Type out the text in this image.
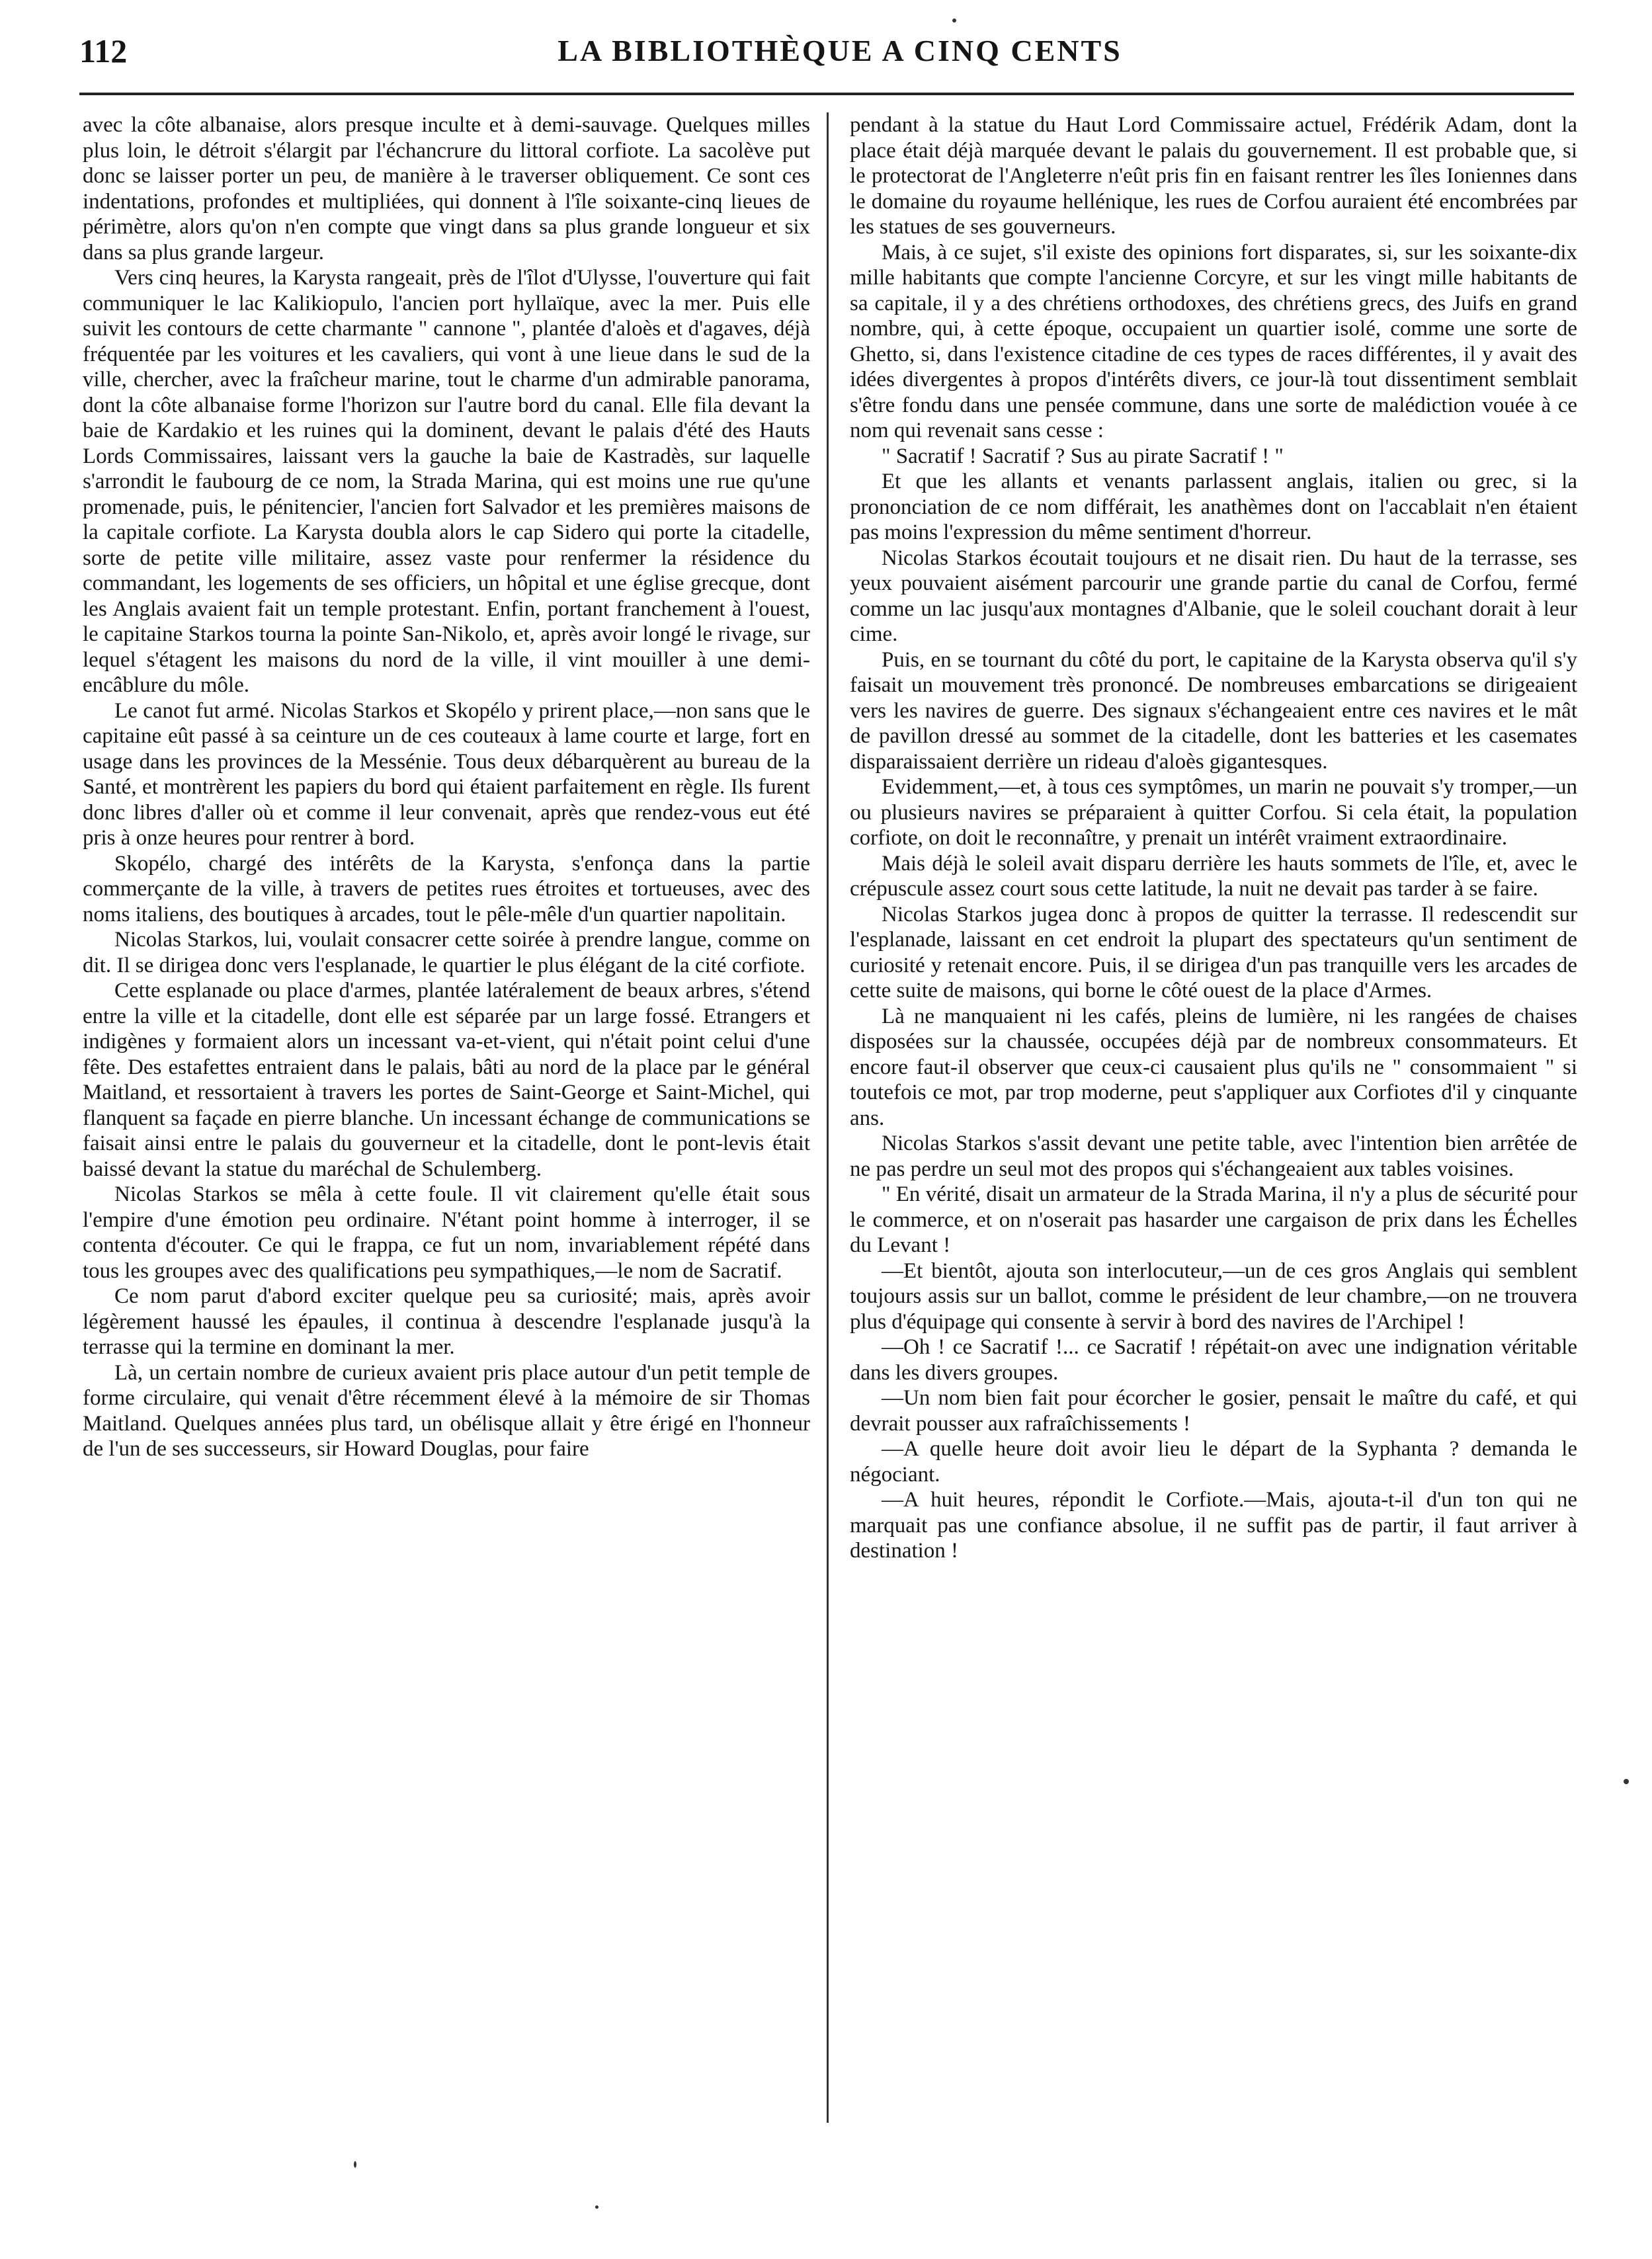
112	LA BIBLIOTHÈQUE A CINQ CENTS

avec la côte albanaise, alors presque inculte et à demi-sauvage. Quelques milles plus loin, le détroit s'élargit par l'échancrure du littoral corfiote. La sacolève put donc se laisser porter un peu, de manière à le traverser obliquement. Ce sont ces indentations, profondes et multipliées, qui donnent à l'île soixante-cinq lieues de périmètre, alors qu'on n'en compte que vingt dans sa plus grande longueur et six dans sa plus grande largeur.

Vers cinq heures, la Karysta rangeait, près de l'îlot d'Ulysse, l'ouverture qui fait communiquer le lac Kalikiopulo, l'ancien port hyllaïque, avec la mer. Puis elle suivit les contours de cette charmante " cannone ", plantée d'aloès et d'agaves, déjà fréquentée par les voitures et les cavaliers, qui vont à une lieue dans le sud de la ville, chercher, avec la fraîcheur marine, tout le charme d'un admirable panorama, dont la côte albanaise forme l'horizon sur l'autre bord du canal. Elle fila devant la baie de Kardakio et les ruines qui la dominent, devant le palais d'été des Hauts Lords Commissaires, laissant vers la gauche la baie de Kastradès, sur laquelle s'arrondit le faubourg de ce nom, la Strada Marina, qui est moins une rue qu'une promenade, puis, le pénitencier, l'ancien fort Salvador et les premières maisons de la capitale corfiote. La Karysta doubla alors le cap Sidero qui porte la citadelle, sorte de petite ville militaire, assez vaste pour renfermer la résidence du commandant, les logements de ses officiers, un hôpital et une église grecque, dont les Anglais avaient fait un temple protestant. Enfin, portant franchement à l'ouest, le capitaine Starkos tourna la pointe San-Nikolo, et, après avoir longé le rivage, sur lequel s'étagent les maisons du nord de la ville, il vint mouiller à une demi-encâblure du môle.

Le canot fut armé. Nicolas Starkos et Skopélo y prirent place,—non sans que le capitaine eût passé à sa ceinture un de ces couteaux à lame courte et large, fort en usage dans les provinces de la Messénie. Tous deux débarquèrent au bureau de la Santé, et montrèrent les papiers du bord qui étaient parfaitement en règle. Ils furent donc libres d'aller où et comme il leur convenait, après que rendez-vous eut été pris à onze heures pour rentrer à bord.

Skopélo, chargé des intérêts de la Karysta, s'enfonça dans la partie commerçante de la ville, à travers de petites rues étroites et tortueuses, avec des noms italiens, des boutiques à arcades, tout le pêle-mêle d'un quartier napolitain.

Nicolas Starkos, lui, voulait consacrer cette soirée à prendre langue, comme on dit. Il se dirigea donc vers l'esplanade, le quartier le plus élégant de la cité corfiote.

Cette esplanade ou place d'armes, plantée latéralement de beaux arbres, s'étend entre la ville et la citadelle, dont elle est séparée par un large fossé. Etrangers et indigènes y formaient alors un incessant va-et-vient, qui n'était point celui d'une fête. Des estafettes entraient dans le palais, bâti au nord de la place par le général Maitland, et ressortaient à travers les portes de Saint-George et Saint-Michel, qui flanquent sa façade en pierre blanche. Un incessant échange de communications se faisait ainsi entre le palais du gouverneur et la citadelle, dont le pont-levis était baissé devant la statue du maréchal de Schulemberg.

Nicolas Starkos se mêla à cette foule. Il vit clairement qu'elle était sous l'empire d'une émotion peu ordinaire. N'étant point homme à interroger, il se contenta d'écouter. Ce qui le frappa, ce fut un nom, invariablement répété dans tous les groupes avec des qualifications peu sympathiques,—le nom de Sacratif.

Ce nom parut d'abord exciter quelque peu sa curiosité; mais, après avoir légèrement haussé les épaules, il continua à descendre l'esplanade jusqu'à la terrasse qui la termine en dominant la mer.

Là, un certain nombre de curieux avaient pris place autour d'un petit temple de forme circulaire, qui venait d'être récemment élevé à la mémoire de sir Thomas Maitland. Quelques années plus tard, un obélisque allait y être érigé en l'honneur de l'un de ses successeurs, sir Howard Douglas, pour faire

pendant à la statue du Haut Lord Commissaire actuel, Frédérik Adam, dont la place était déjà marquée devant le palais du gouvernement. Il est probable que, si le protectorat de l'Angleterre n'eût pris fin en faisant rentrer les îles Ioniennes dans le domaine du royaume hellénique, les rues de Corfou auraient été encombrées par les statues de ses gouverneurs.

Mais, à ce sujet, s'il existe des opinions fort disparates, si, sur les soixante-dix mille habitants que compte l'ancienne Corcyre, et sur les vingt mille habitants de sa capitale, il y a des chrétiens orthodoxes, des chrétiens grecs, des Juifs en grand nombre, qui, à cette époque, occupaient un quartier isolé, comme une sorte de Ghetto, si, dans l'existence citadine de ces types de races différentes, il y avait des idées divergentes à propos d'intérêts divers, ce jour-là tout dissentiment semblait s'être fondu dans une pensée commune, dans une sorte de malédiction vouée à ce nom qui revenait sans cesse :

" Sacratif ! Sacratif ? Sus au pirate Sacratif ! "

Et que les allants et venants parlassent anglais, italien ou grec, si la prononciation de ce nom différait, les anathèmes dont on l'accablait n'en étaient pas moins l'expression du même sentiment d'horreur.

Nicolas Starkos écoutait toujours et ne disait rien. Du haut de la terrasse, ses yeux pouvaient aisément parcourir une grande partie du canal de Corfou, fermé comme un lac jusqu'aux montagnes d'Albanie, que le soleil couchant dorait à leur cime.

Puis, en se tournant du côté du port, le capitaine de la Karysta observa qu'il s'y faisait un mouvement très prononcé. De nombreuses embarcations se dirigeaient vers les navires de guerre. Des signaux s'échangeaient entre ces navires et le mât de pavillon dressé au sommet de la citadelle, dont les batteries et les casemates disparaissaient derrière un rideau d'aloès gigantesques.

Evidemment,—et, à tous ces symptômes, un marin ne pouvait s'y tromper,—un ou plusieurs navires se préparaient à quitter Corfou. Si cela était, la population corfiote, on doit le reconnaître, y prenait un intérêt vraiment extraordinaire.

Mais déjà le soleil avait disparu derrière les hauts sommets de l'île, et, avec le crépuscule assez court sous cette latitude, la nuit ne devait pas tarder à se faire.

Nicolas Starkos jugea donc à propos de quitter la terrasse. Il redescendit sur l'esplanade, laissant en cet endroit la plupart des spectateurs qu'un sentiment de curiosité y retenait encore. Puis, il se dirigea d'un pas tranquille vers les arcades de cette suite de maisons, qui borne le côté ouest de la place d'Armes.

Là ne manquaient ni les cafés, pleins de lumière, ni les rangées de chaises disposées sur la chaussée, occupées déjà par de nombreux consommateurs. Et encore faut-il observer que ceux-ci causaient plus qu'ils ne " consommaient " si toutefois ce mot, par trop moderne, peut s'appliquer aux Corfiotes d'il y cinquante ans.

Nicolas Starkos s'assit devant une petite table, avec l'intention bien arrêtée de ne pas perdre un seul mot des propos qui s'échangeaient aux tables voisines.

" En vérité, disait un armateur de la Strada Marina, il n'y a plus de sécurité pour le commerce, et on n'oserait pas hasarder une cargaison de prix dans les Échelles du Levant !

—Et bientôt, ajouta son interlocuteur,—un de ces gros Anglais qui semblent toujours assis sur un ballot, comme le président de leur chambre,—on ne trouvera plus d'équipage qui consente à servir à bord des navires de l'Archipel !

—Oh ! ce Sacratif !... ce Sacratif ! répétait-on avec une indignation véritable dans les divers groupes.

—Un nom bien fait pour écorcher le gosier, pensait le maître du café, et qui devrait pousser aux rafraîchissements !

—A quelle heure doit avoir lieu le départ de la Syphanta ? demanda le négociant.

—A huit heures, répondit le Corfiote.—Mais, ajouta-t-il d'un ton qui ne marquait pas une confiance absolue, il ne suffit pas de partir, il faut arriver à destination !
